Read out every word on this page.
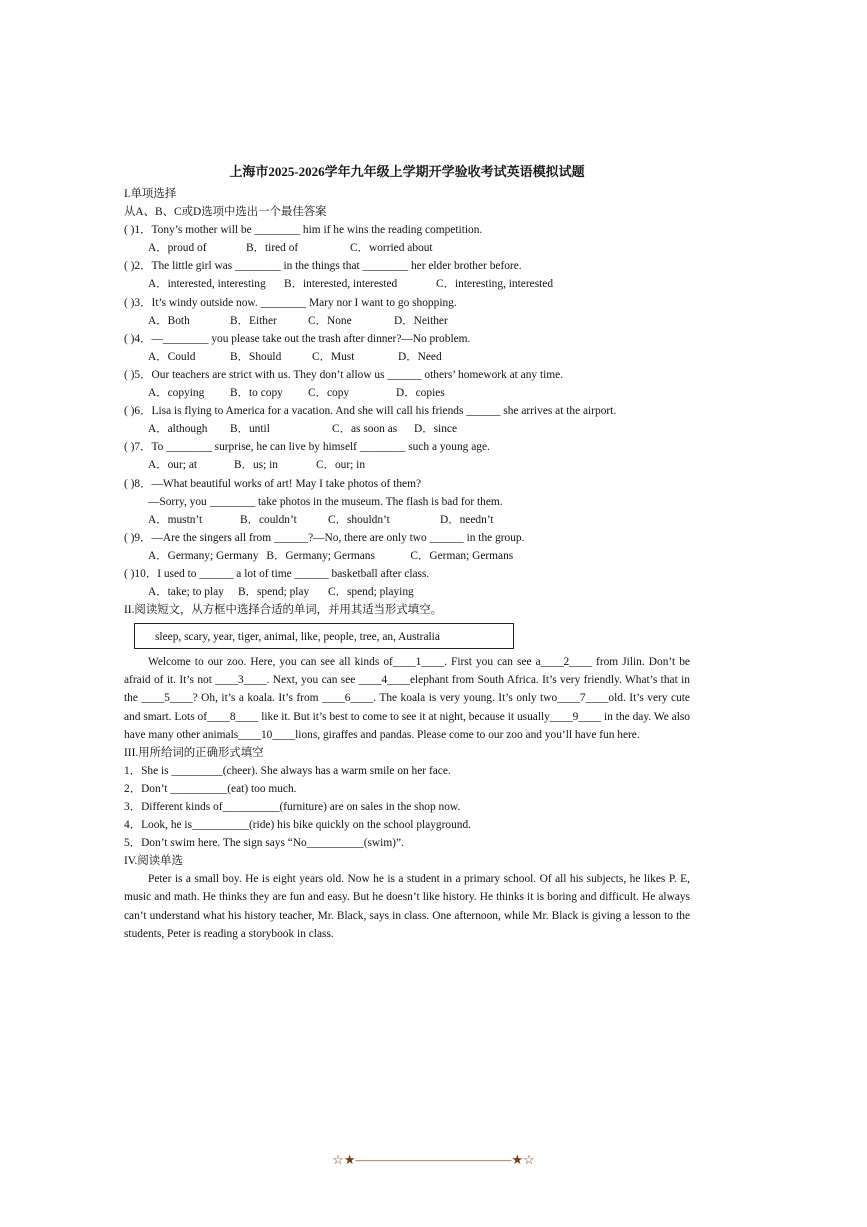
上海市2025-2026学年九年级上学期开学验收考试英语模拟试题
I.单项选择
从A、B、C或D选项中选出一个最佳答案
( )1．Tony’s mother will be ________ him if he wins the reading competition.
A．proud of	B．tired of	C．worried about
( )2．The little girl was ________ in the things that ________ her elder brother before.
A．interested, interesting B．interested, interested	C．interesting, interested
( )3．It’s windy outside now. ________ Mary nor I want to go shopping.
A．Both	B．Either	C．None	D．Neither
( )4．—________ you please take out the trash after dinner?—No problem.
A．Could	B．Should	C．Must	D．Need
( )5．Our teachers are strict with us. They don’t allow us ______ others’ homework at any time.
A．copying B．to copy C．copy	D．copies
( )6．Lisa is flying to America for a vacation. And she will call his friends ______ she arrives at the airport.
A．although B．until	C．as soon as D．since
( )7．To ________ surprise, he can live by himself ________ such a young age.
A．our; at	B．us; in	C．our; in
( )8．—What beautiful works of art! May I take photos of them?
—Sorry, you ________ take photos in the museum. The flash is bad for them.
A．mustn’t	B．couldn’t	C．shouldn’t	D．needn’t
( )9．—Are the singers all from ______?—No, there are only two ______ in the group.
A．Germany; Germany B．Germany; Germans	C．German; Germans
( )10．I used to ______ a lot of time ______ basketball after class.
A．take; to play B．spend; play C．spend; playing
II.阅读短文，从方框中选择合适的单词，并用其适当形式填空。
sleep, scary, year, tiger, animal, like, people, tree, an, Australia

Welcome to our zoo. Here, you can see all kinds of____1____. First you can see a____2____ from Jilin. Don’t be afraid of it. It’s not ____3____. Next, you can see ____4____elephant from South Africa. It’s very friendly. What’s that in the ____5____? Oh, it’s a koala. It’s from ____6____. The koala is very young. It’s only two____7____old. It’s very cute and smart. Lots of____8____ like it. But it’s best to come to see it at night, because it usually____9____ in the day. We also have many other animals____10____lions, giraffes and pandas. Please come to our zoo and you’ll have fun here.

III.用所给词的正确形式填空
1．She is _________(cheer). She always has a warm smile on her face.
2．Don’t __________(eat) too much.
3．Different kinds of__________(furniture) are on sales in the shop now.
4．Look, he is__________(ride) his bike quickly on the school playground.
5．Don’t swim here. The sign says “No__________(swim)”.
IV.阅读单选

Peter is a small boy. He is eight years old. Now he is a student in a primary school. Of all his subjects, he likes P. E, music and math. He thinks they are fun and easy. But he doesn’t like history. He thinks it is boring and difficult. He always can’t understand what his history teacher, Mr. Black, says in class. One afternoon, while Mr. Black is giving a lesson to the students, Peter is reading a storybook in class.

☆★————————————★☆
